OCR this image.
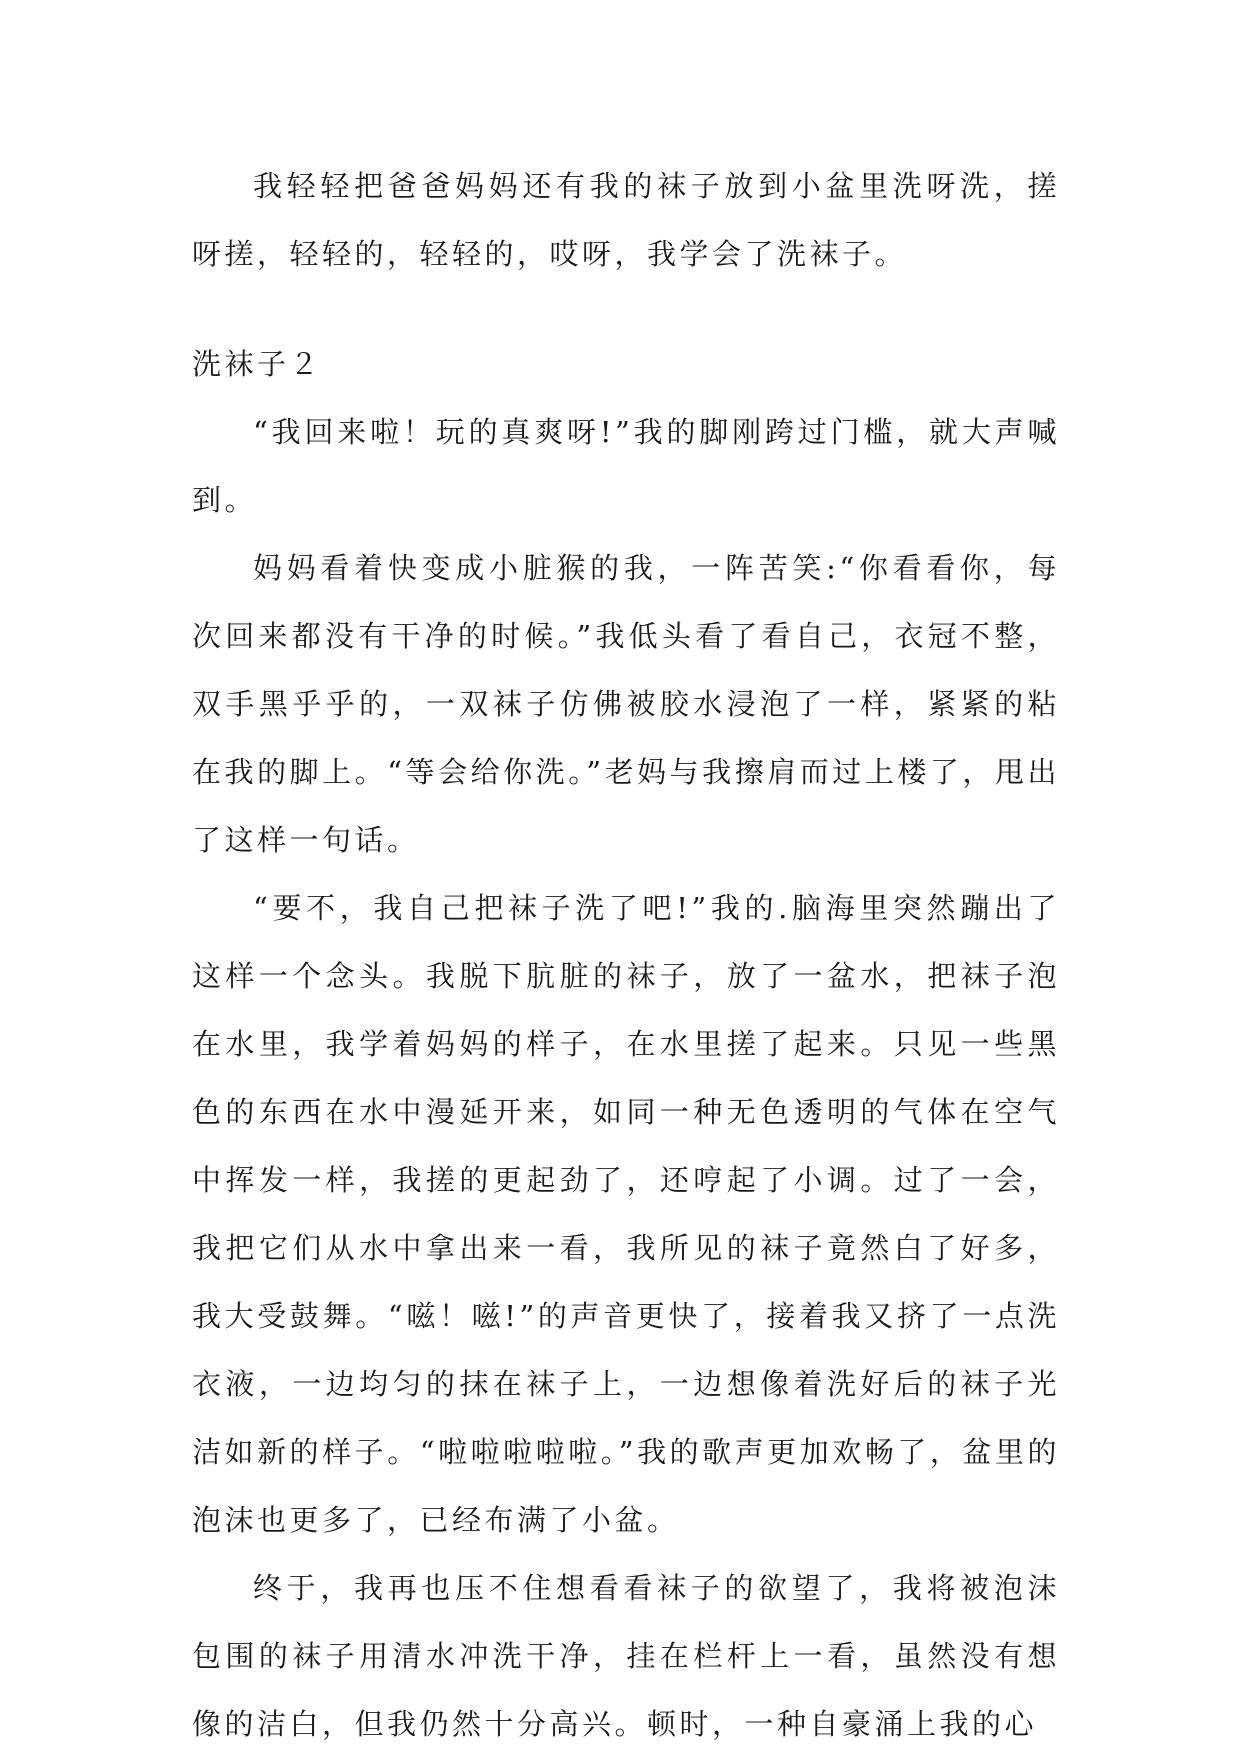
我轻轻把爸爸妈妈还有我的袜子放到小盆里洗呀洗，搓呀搓，轻轻的，轻轻的，哎呀，我学会了洗袜子。

洗袜子２

“我回来啦！玩的真爽呀!”我的脚刚跨过门槛，就大声喊到。

妈妈看着快变成小脏猴的我，一阵苦笑:“你看看你，每次回来都没有干净的时候。”我低头看了看自己，衣冠不整，双手黑乎乎的，一双袜子仿佛被胶水浸泡了一样，紧紧的粘在我的脚上。“等会给你洗。”老妈与我擦肩而过上楼了，甩出了这样一句话。

“要不，我自己把袜子洗了吧!”我的.脑海里突然蹦出了这样一个念头。我脱下肮脏的袜子，放了一盆水，把袜子泡在水里，我学着妈妈的样子，在水里搓了起来。只见一些黑色的东西在水中漫延开来，如同一种无色透明的气体在空气中挥发一样，我搓的更起劲了，还哼起了小调。过了一会，我把它们从水中拿出来一看，我所见的袜子竟然白了好多，我大受鼓舞。“嗞！嗞!”的声音更快了，接着我又挤了一点洗衣液，一边均匀的抹在袜子上，一边想像着洗好后的袜子光洁如新的样子。“啦啦啦啦啦。”我的歌声更加欢畅了，盆里的泡沫也更多了，已经布满了小盆。

终于，我再也压不住想看看袜子的欲望了，我将被泡沫包围的袜子用清水冲洗干净，挂在栏杆上一看，虽然没有想像的洁白，但我仍然十分高兴。顿时，一种自豪涌上我的心
